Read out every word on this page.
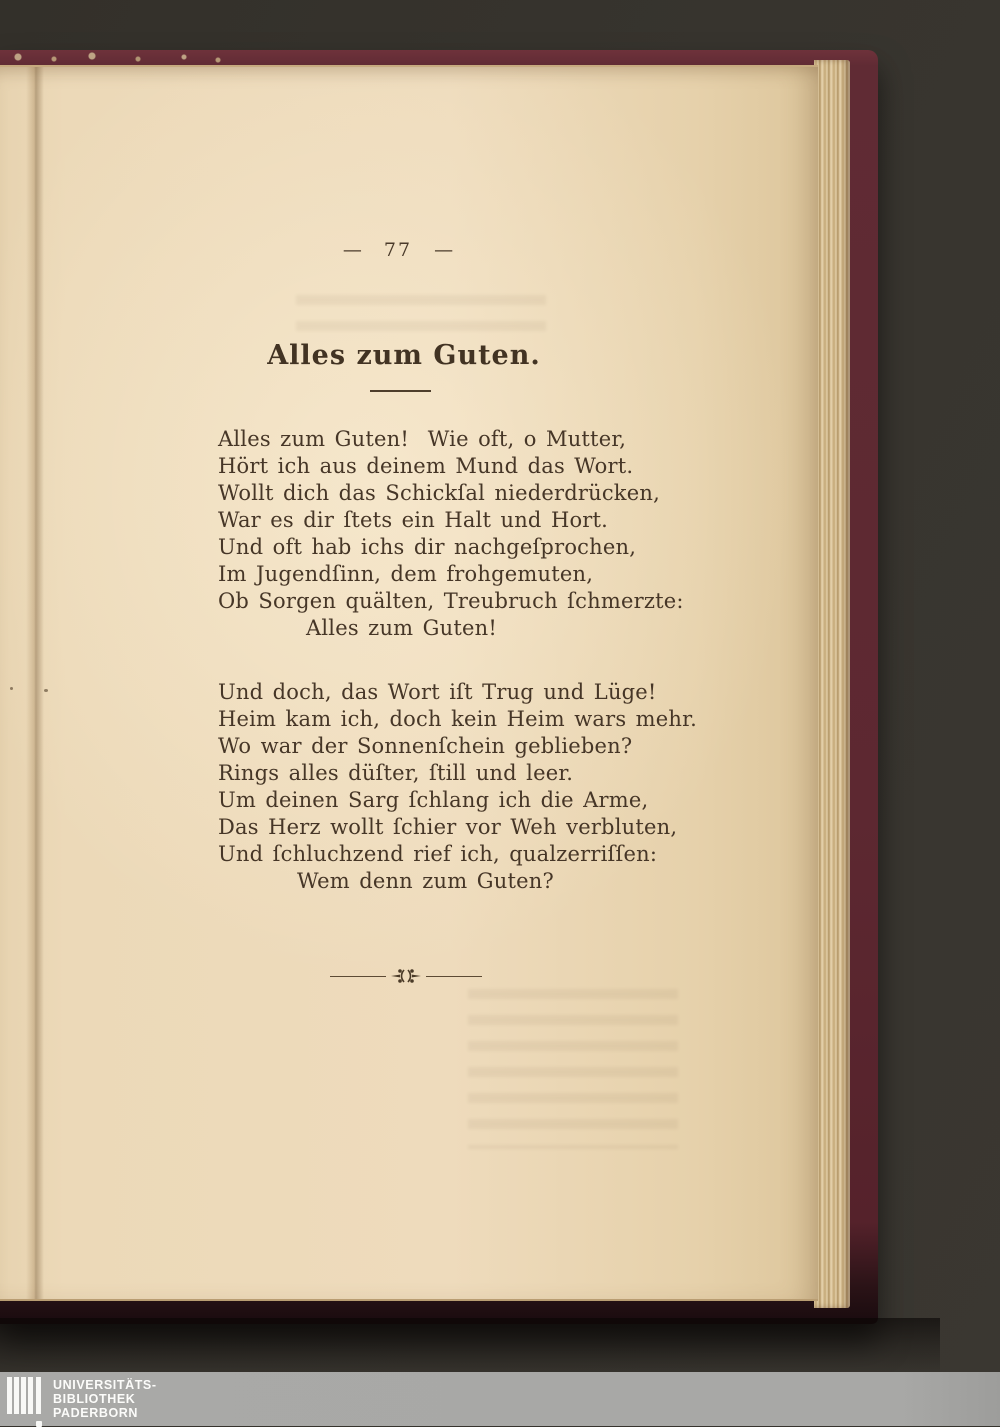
— 77 —
Alles zum Guten.
Alles zum Guten!  Wie oft, o Mutter,
Hört ich aus deinem Mund das Wort.
Wollt dich das Schickſal niederdrücken,
War es dir ſtets ein Halt und Hort.
Und oft hab ichs dir nachgeſprochen,
Im Jugendſinn, dem frohgemuten,
Ob Sorgen quälten, Treubruch ſchmerzte:
Alles zum Guten!
Und doch, das Wort iſt Trug und Lüge!
Heim kam ich, doch kein Heim wars mehr.
Wo war der Sonnenſchein geblieben?
Rings alles düſter, ſtill und leer.
Um deinen Sarg ſchlang ich die Arme,
Das Herz wollt ſchier vor Weh verbluten,
Und ſchluchzend rief ich, qualzerriſſen:
Wem denn zum Guten?
UNIVERSITÄTS-
BIBLIOTHEK
PADERBORN
